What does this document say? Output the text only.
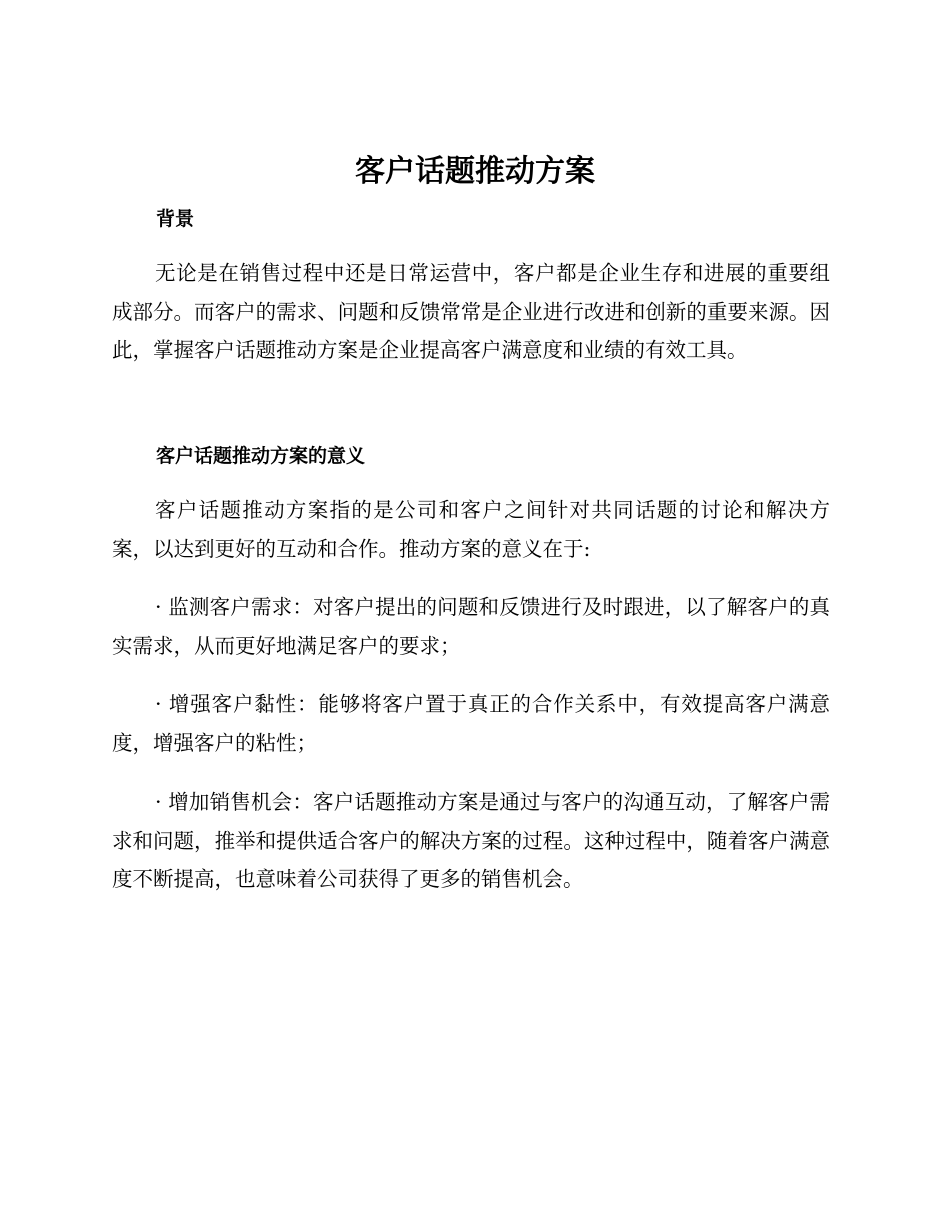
客户话题推动方案
背景

无论是在销售过程中还是日常运营中，客户都是企业生存和进展的重要组成部分。而客户的需求、问题和反馈常常是企业进行改进和创新的重要来源。因此，掌握客户话题推动方案是企业提高客户满意度和业绩的有效工具。

客户话题推动方案的意义

客户话题推动方案指的是公司和客户之间针对共同话题的讨论和解决方案，以达到更好的互动和合作。推动方案的意义在于:

· 监测客户需求：对客户提出的问题和反馈进行及时跟进，以了解客户的真实需求，从而更好地满足客户的要求；

· 增强客户黏性：能够将客户置于真正的合作关系中，有效提高客户满意度，增强客户的粘性；

· 增加销售机会：客户话题推动方案是通过与客户的沟通互动，了解客户需求和问题，推举和提供适合客户的解决方案的过程。这种过程中，随着客户满意度不断提高，也意味着公司获得了更多的销售机会。
